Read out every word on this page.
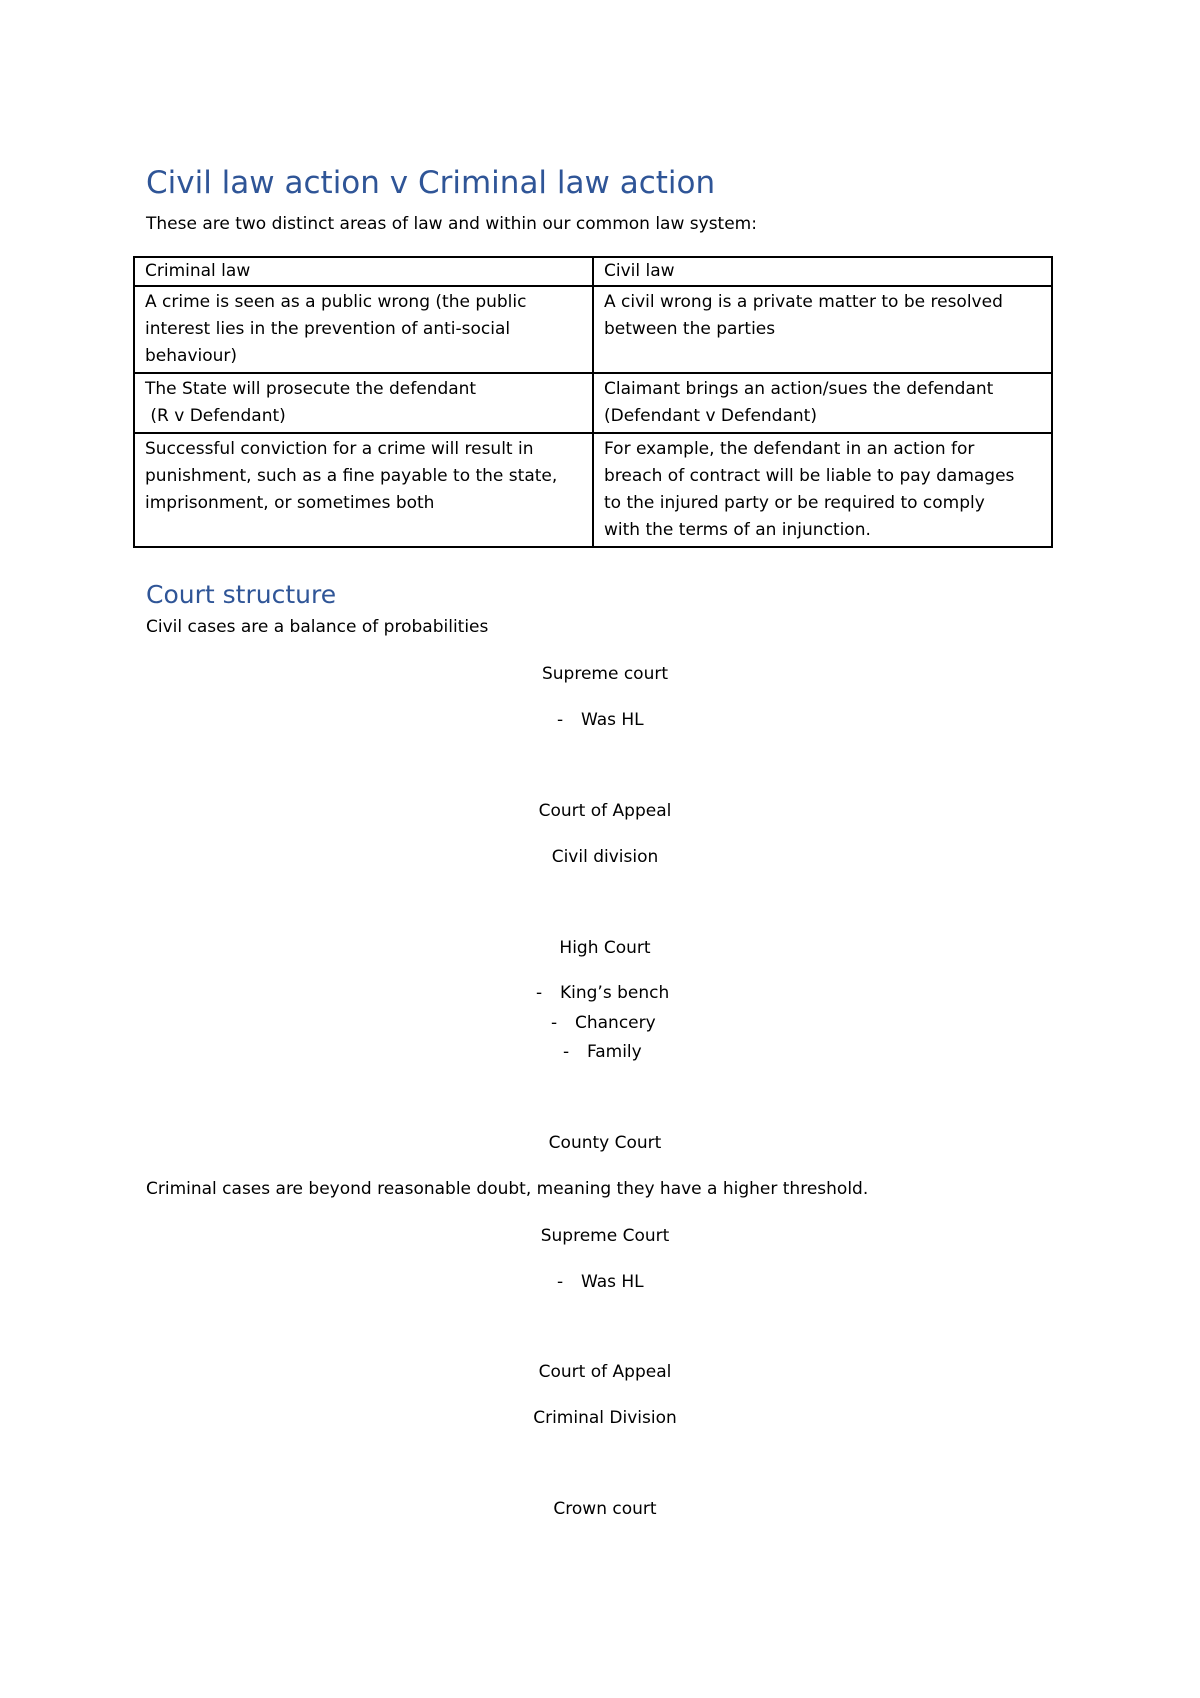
Civil law action v Criminal law action
These are two distinct areas of law and within our common law system:
Criminal law	Civil law

A crime is seen as a public wrong (the public
interest lies in the prevention of anti-social
behaviour)	A civil wrong is a private matter to be resolved
between the parties

The State will prosecute the defendant
(R v Defendant)	Claimant brings an action/sues the defendant
(Defendant v Defendant)

Successful conviction for a crime will result in
punishment, such as a fine payable to the state,
imprisonment, or sometimes both	For example, the defendant in an action for
breach of contract will be liable to pay damages
to the injured party or be required to comply
with the terms of an injunction.
Court structure
Civil cases are a balance of probabilities
Supreme court
- Was HL
Court of Appeal
Civil division
High Court
- King’s bench
- Chancery
- Family
County Court
Criminal cases are beyond reasonable doubt, meaning they have a higher threshold.
Supreme Court
- Was HL
Court of Appeal
Criminal Division
Crown court
